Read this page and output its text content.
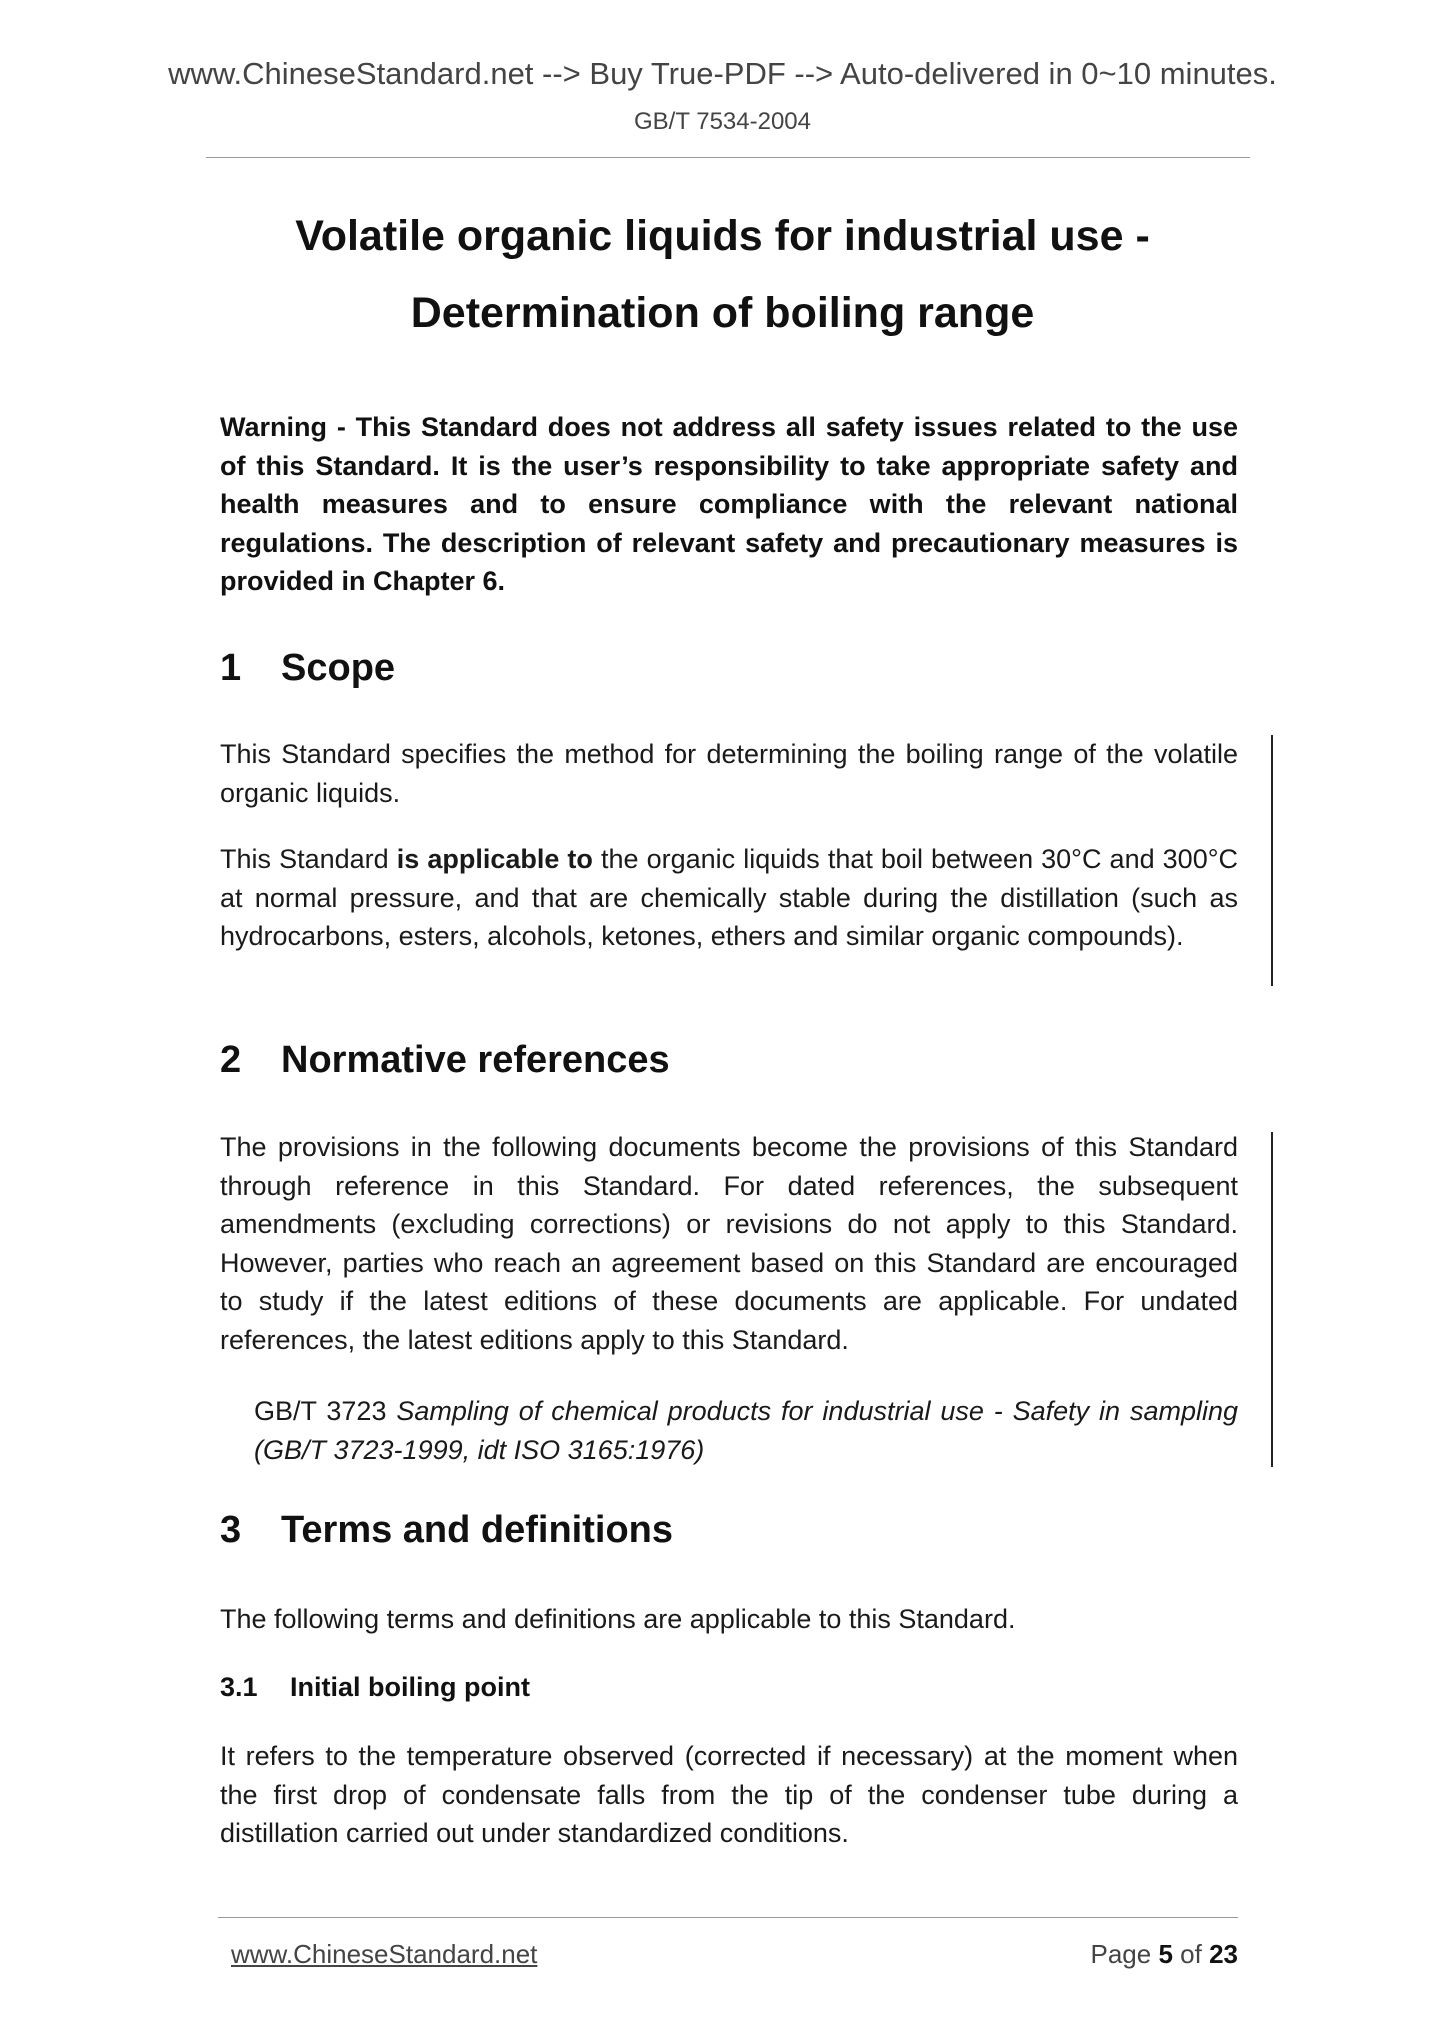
www.ChineseStandard.net --> Buy True-PDF --> Auto-delivered in 0~10 minutes.
GB/T 7534-2004
Volatile organic liquids for industrial use -
Determination of boiling range
Warning - This Standard does not address all safety issues related to the use of this Standard. It is the user’s responsibility to take appropriate safety and health measures and to ensure compliance with the relevant national regulations. The description of relevant safety and precautionary measures is provided in Chapter 6.
1 Scope
This Standard specifies the method for determining the boiling range of the volatile organic liquids.
This Standard is applicable to the organic liquids that boil between 30°C and 300°C at normal pressure, and that are chemically stable during the distillation (such as hydrocarbons, esters, alcohols, ketones, ethers and similar organic compounds).
2 Normative references
The provisions in the following documents become the provisions of this Standard through reference in this Standard. For dated references, the subsequent amendments (excluding corrections) or revisions do not apply to this Standard. However, parties who reach an agreement based on this Standard are encouraged to study if the latest editions of these documents are applicable. For undated references, the latest editions apply to this Standard.
GB/T 3723 Sampling of chemical products for industrial use - Safety in sampling (GB/T 3723-1999, idt ISO 3165:1976)
3 Terms and definitions
The following terms and definitions are applicable to this Standard.
3.1 Initial boiling point
It refers to the temperature observed (corrected if necessary) at the moment when the first drop of condensate falls from the tip of the condenser tube during a distillation carried out under standardized conditions.
www.ChineseStandard.net	Page 5 of 23
